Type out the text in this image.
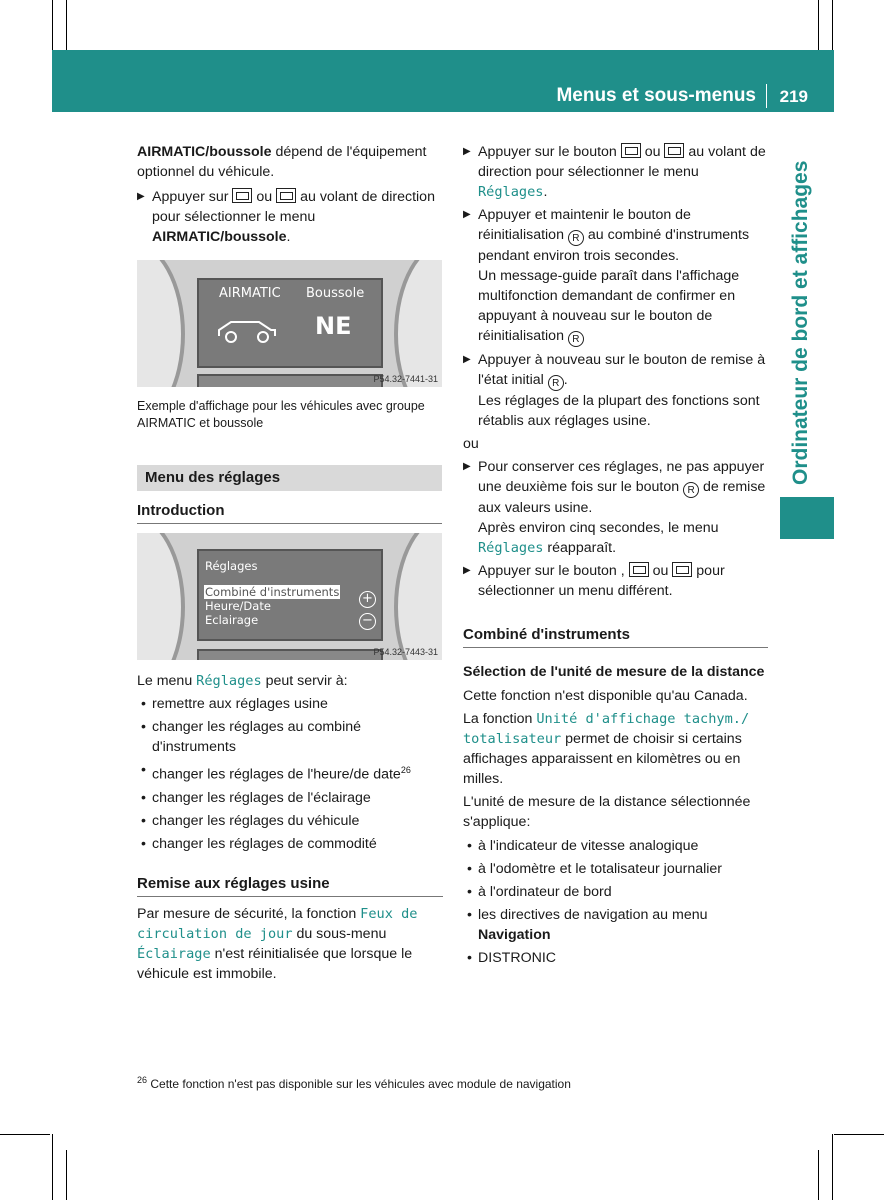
Menus et sous-menus 219
Ordinateur de bord et affichages

AIRMATIC/boussole dépend de l'équipement optionnel du véhicule.

▶ Appuyer sur ou au volant de direction pour sélectionner le menu AIRMATIC/boussole.

AIRMATIC Boussole
NE
P54.32-7441-31
Exemple d'affichage pour les véhicules avec groupe AIRMATIC et boussole
Menu des réglages
Introduction
Réglages
Combiné d'instruments
Heure/Date
Eclairage
+
−
P54.32-7443-31

Le menu Réglages peut servir à:

• remettre aux réglages usine

• changer les réglages au combiné d'instruments

• changer les réglages de l'heure/de date$^{26}$

• changer les réglages de l'éclairage

• changer les réglages du véhicule

• changer les réglages de commodité

Remise aux réglages usine

Par mesure de sécurité, la fonction Feux de circulation de jour du sous-menu Éclairage n'est réinitialisée que lorsque le véhicule est immobile.

▶ Appuyer sur le bouton ou au volant de direction pour sélectionner le menu Réglages.

▶ Appuyer et maintenir le bouton de réinitialisation R au combiné d'instruments pendant environ trois secondes.
Un message-guide paraît dans l'affichage multifonction demandant de confirmer en appuyant à nouveau sur le bouton de réinitialisation R

▶ Appuyer à nouveau sur le bouton de remise à l'état initial R .
Les réglages de la plupart des fonctions sont rétablis aux réglages usine.

ou

▶ Pour conserver ces réglages, ne pas appuyer une deuxième fois sur le bouton R de remise aux valeurs usine.
Après environ cinq secondes, le menu Réglages réapparaît.

▶ Appuyer sur le bouton , ou pour sélectionner un menu différent.

Combiné d'instruments

Sélection de l'unité de mesure de la distance

Cette fonction n'est disponible qu'au Canada.

La fonction Unité d'affichage tachym./ totalisateur permet de choisir si certains affichages apparaissent en kilomètres ou en milles.

L'unité de mesure de la distance sélectionnée s'applique:

• à l'indicateur de vitesse analogique

• à l'odomètre et le totalisateur journalier

• à l'ordinateur de bord

• les directives de navigation au menu
Navigation

• DISTRONIC

$^{26}$ Cette fonction n'est pas disponible sur les véhicules avec module de navigation
